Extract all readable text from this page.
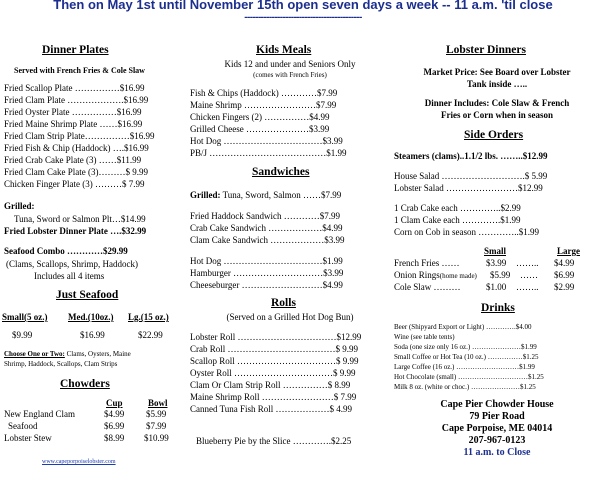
Then on May 1st until November 15th open seven days a week -- 11 a.m. 'til close
-------------------------------------------
Dinner Plates
Served with French Fries & Cole Slaw
Fried Scallop Plate ……………$16.99
Fried Clam Plate ……………….$16.99
Fried Oyster Plate ……………$16.99
Fried Maine Shrimp Plate ……$16.99
Fried Clam Strip Plate……………$16.99
Fried Fish & Chip (Haddock) ….$16.99
Fried Crab Cake Plate (3) ……$11.99
Fried Clam Cake Plate (3)………$ 9.99
Chicken Finger Plate (3) ………$ 7.99
Grilled:
Tuna, Sword or Salmon Plt…$14.99
Fried Lobster Dinner Plate ….$32.99
Seafood Combo …………$29.99
(Clams, Scallops, Shrimp, Haddock)
Includes all 4 items
Just Seafood
Small(5 oz.) Med.(10oz.) Lg.(15 oz.)
$9.99	$16.99	$22.99
Choose One or Two: Clams, Oysters, Maine
Shrimp, Haddock, Scallops, Clam Strips
Chowders
Cup	Bowl
New England Clam	$4.99 $5.99
Seafood	$6.99 $7.99
Lobster Stew	$8.99 $10.99
www.capeporpoiselobster.com
Kids Meals
Kids 12 and under and Seniors Only
(comes with French Fries)
Fish & Chips (Haddock) …………$7.99
Maine Shrimp ……………………$7.99
Chicken Fingers (2) ……………$4.99
Grilled Cheese …………………$3.99
Hot Dog ……………………………$3.99
PB/J …………………………………$1.99
Sandwiches
Grilled: Tuna, Sword, Salmon ……$7.99
Fried Haddock Sandwich …………$7.99
Crab Cake Sandwich ………………$4.99
Clam Cake Sandwich ………………$3.99
Hot Dog ……………………………$1.99
Hamburger …………………………$3.99
Cheeseburger ………………………$4.99
Rolls
(Served on a Grilled Hot Dog Bun)
Lobster Roll ……………………………$12.99
Crab Roll ………………………………$ 9.99
Scallop Roll ……………………………$ 9.99
Oyster Roll ……………………………$ 9.99
Clam Or Clam Strip Roll ……………$ 8.99
Maine Shrimp Roll ……………………$ 7.99
Canned Tuna Fish Roll ………………$ 4.99
Blueberry Pie by the Slice ………….$2.25
Lobster Dinners
Market Price: See Board over Lobster
Tank inside …..
Dinner Includes: Cole Slaw & French
Fries or Corn when in season
Side Orders
Steamers (clams)..1.1/2 lbs. ……..$12.99
House Salad ……………………….$ 5.99
Lobster Salad ……………………$12.99
1 Crab Cake each …………..$2.99
1 Clam Cake each ………….$1.99
Corn on Cob in season …………..$1.99
Small	Large
French Fries ……	$3.99 …….. $4.99
Onion Rings(home made) $5.99 …… $6.99
Cole Slaw ………	$1.00 …….. $2.99
Drinks
Beer (Shipyard Export or Light) ………….$4.00
Wine (see table tents)
Soda (one size only 16 oz.) …………………$1.99
Small Coffee or Hot Tea (10 oz.) ……………$1.25
Large Coffee (16 oz.) ………………………$1.99
Hot Chocolate (small) …………………………$1.25
Milk 8 oz. (white or choc.) …………………$1.25
Cape Pier Chowder House
79 Pier Road
Cape Porpoise, ME 04014
207-967-0123
11 a.m. to Close
